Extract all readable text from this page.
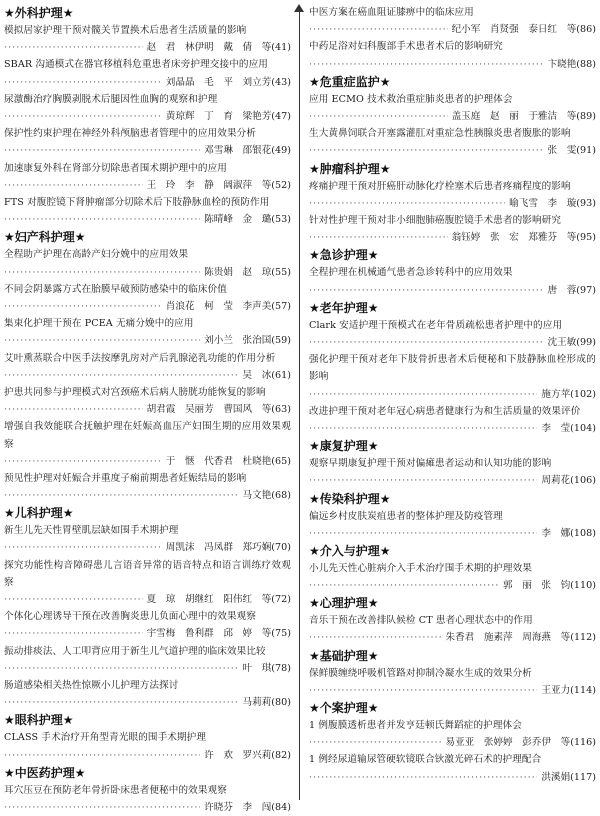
★外科护理★
模拟居家护理干预对髋关节置换术后患者生活质量的影响
·····
赵　君　林伊明　戴　倩　等(41)
SBAR 沟通模式在器官移植科危重患者床旁护理交接中的应用
·····
刘晶晶　毛　平　刘立芳(43)
尿激酶治疗胸膜剥脱术后腿因性血胸的观察和护理
·····
黄琼辉　丁　育　梁艳芳(47)
保护性约束护理在神经外科颅脑患者管理中的应用效果分析
·····
邓雪琳　邵银花(49)
加速康复外科在肾部分切除患者围术期护理中的应用
·····
王　玲　李　静　阔淑萍　等(52)
FTS 对腹腔镜下肾肿瘤部分切除术后下肢静脉血栓的预防作用
·····
陈晴峰　金　璐(53)
★妇产科护理★
全程助产护理在高龄产妇分娩中的应用效果
·····
陈贵娟　赵　琼(55)
不同会阴暴露方式在胎膜早破预防感染中的临床价值
·····
肖浪花　柯　莹　李声美(57)
集束化护理干预在 PCEA 无痛分娩中的应用
·····
刘小兰　张治国(59)
艾叶熏蒸联合中医手法按摩乳房对产后乳腺泌乳功能的作用分析
·····
吴　冰(61)
护患共同参与护理模式对宫颈癌术后病人膀胱功能恢复的影响
·····
胡君霞　吴丽芳　曹国风　等(63)
增强自我效能联合抚触护理在妊娠高血压产妇围生期的应用效果观察
·····
于　惬　代香君　杜晓艳(65)
预见性护理对妊娠合并重度子痫前期患者妊娠结局的影响
·····
马文艳(68)
★儿科护理★
新生儿先天性胃壁肌层缺如围手术期护理
·····
周凯沫　冯凤群　郑巧娴(70)
探究功能性构音障碍患儿言语音异常的语音特点和语言训练疗效观察
·····
夏　琼　胡继红　阳伟红　等(72)
个体化心理诱导干预在改善胸炎患儿负面心理中的效果观察
·····
宇雪梅　鲁利群　邱　婷　等(75)
振动排痰法、人工叩背应用于新生儿气道护理的临床效果比较
·····
叶　琪(78)
肠道感染相关热性惊厥小儿护理方法探讨
·····
马莉莉(80)
★眼科护理★
CLASS 手术治疗开角型青光眼的围手术期护理
·····
许　欢　罗兴莉(82)
★中医药护理★
耳穴压豆在预防老年骨折卧床患者便秘中的效果观察
·····
许晓芬　李　闯(84)
中医方案在癌血阻证膝痹中的临床应用
·····
纪小军　肖贤强　泰日红　等(86)
中药足浴对妇科腹部手术患者术后的影响研究
·····
卞晓艳(88)
★危重症监护★
应用 ECMO 技术救治重症肺炎患者的护理体会
·····
盖玉庭　赵　丽　于雅洁　等(89)
生大黄鼻饲联合开塞露灌肛对重症急性胰腺炎患者腹胀的影响
·····
张　雯(91)
★肿瘤科护理★
疼痛护理干预对肝癌肝动脉化疗栓塞术后患者疼痛程度的影响
·····
喻飞雪　李　璇(93)
针对性护理干预对非小细胞肺癌腹腔镜手术患者的影响研究
·····
翁钰婷　张　宏　郑雅芬　等(95)
★急诊护理★
全程护理在机械通气患者急诊转科中的应用效果
·····
唐　蓉(97)
★老年护理★
Clark 安适护理干预模式在老年骨质疏松患者护理中的应用
·····
沈王敏(99)
强化护理干预对老年下肢骨折患者术后便秘和下肢静脉血栓形成的影响
·····
施方苹(102)
改进护理干预对老年冠心病患者健康行为和生活质量的效果评价
·····
李　莹(104)
★康复护理★
观察早期康复护理干预对偏瘫患者运动和认知功能的影响
·····
周莉花(106)
★传染科护理★
偏远乡村皮肤炭疽患者的整体护理及防疫管理
·····
李　娜(108)
★介入与护理★
小儿先天性心脏病介入手术治疗围手术期的护理效果
·····
郭　丽　张　钧(110)
★心理护理★
音乐干预在改善排队候检 CT 患者心理状态中的作用
·····
朱香君　施素萍　周海燕　等(112)
★基础护理★
保鲜膜缠绕呼吸机管路对抑制冷凝水生成的效果分析
·····
王亚力(114)
★个案护理★
1 例腹膜透析患者并发亨廷顿氏舞蹈症的护理体会
·····
易亚亚　张婷婷　彭乔伊　等(116)
1 例经尿道输尿管硬软镜联合钬激光碎石术的护理配合
·····
洪溪娟(117)
